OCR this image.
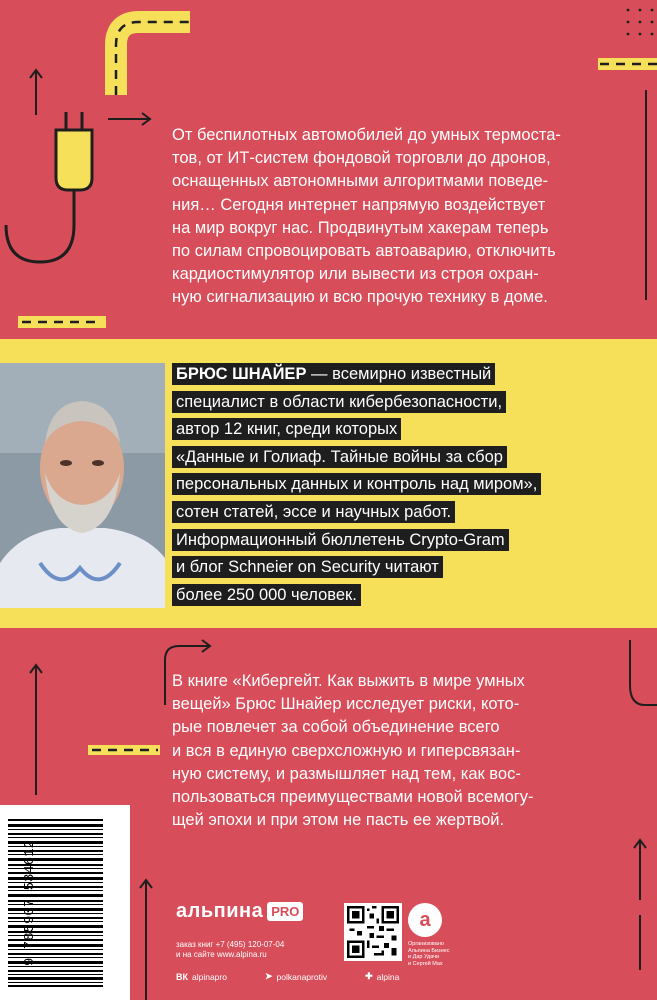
От беспилотных автомобилей до умных термоста-

тов, от ИТ-систем фондовой торговли до дронов,

оснащенных автономными алгоритмами поведе-

ния… Сегодня интернет напрямую воздействует

на мир вокруг нас. Продвинутым хакерам теперь

по силам спровоцировать автоаварию, отключить

кардиостимулятор или вывести из строя охран-

ную сигнализацию и всю прочую технику в доме.

БРЮС ШНАЙЕР — всемирно известный
специалист в области кибербезопасности,
автор 12 книг, среди которых
«Данные и Голиаф. Тайные войны за сбор
персональных данных и контроль над миром»,
сотен статей, эссе и научных работ.
Информационный бюллетень Crypto-Gram
и блог Schneier on Security читают
более 250 000 человек.

В книге «Кибергейт. Как выжить в мире умных

вещей» Брюс Шнайер исследует риски, кото-

рые повлечет за собой объединение всего

и вся в единую сверхсложную и гиперсвязан-

ную систему, и размышляет над тем, как вос-

пользоваться преимуществами новой всемогу-

щей эпохи и при этом не пасть ее жертвой.

9 785907 534612	альпина PRO
заказ книг +7 (495) 120-07-04
и на сайте www.alpina.ru
ВК alpinapro	➤ polkanaprotiv	✚ alpina
a
Организовано
Альпина Бизнес
и Дар Удачи
и Сергей Мах
